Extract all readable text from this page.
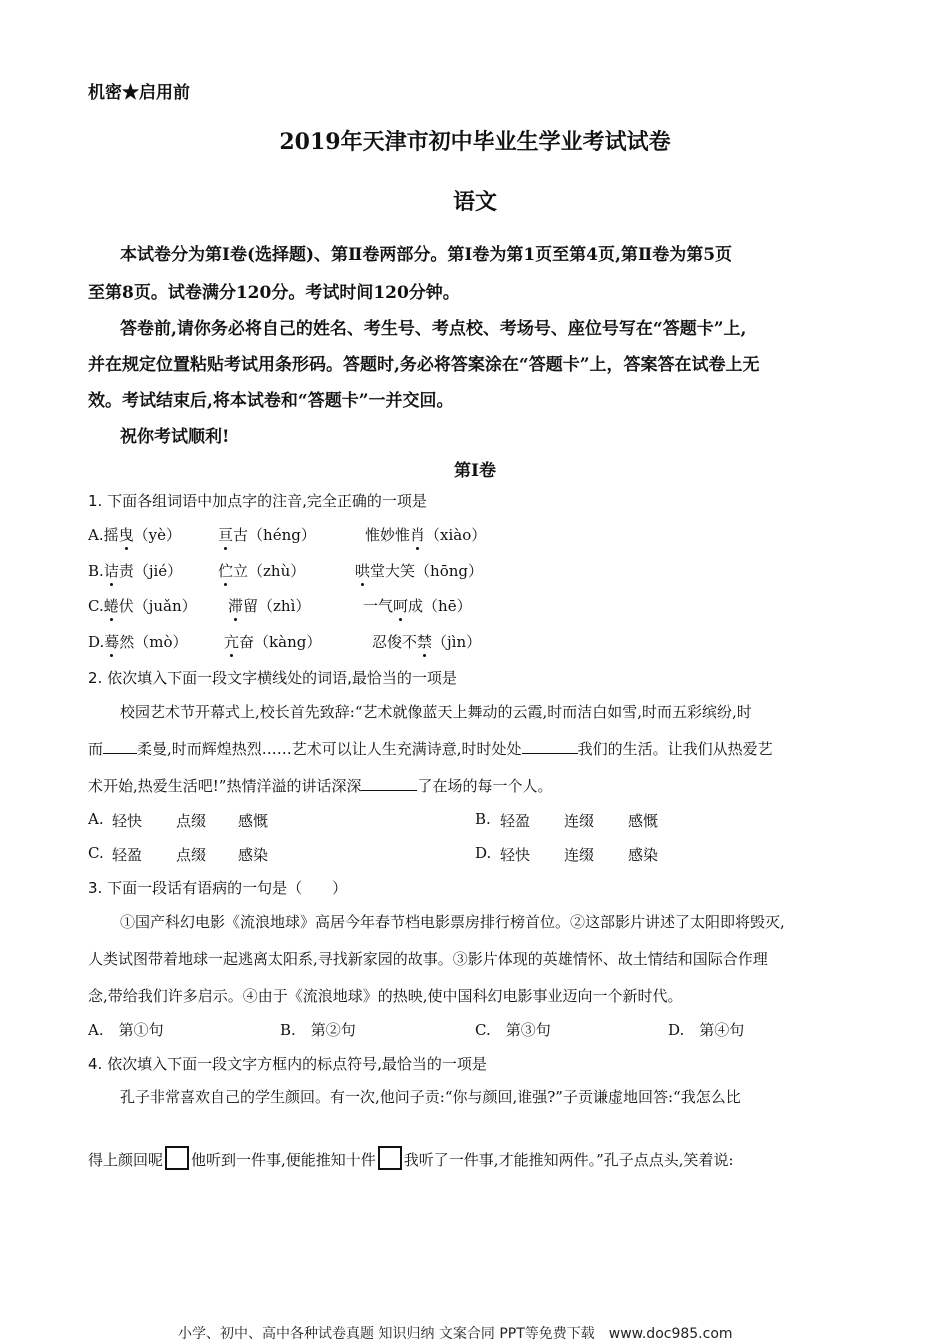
机密★启用前
2019年天津市初中毕业生学业考试试卷
语文
本试卷分为第Ⅰ卷(选择题)、第Ⅱ卷两部分。第Ⅰ卷为第1页至第4页,第Ⅱ卷为第5页
至第8页。试卷满分120分。考试时间120分钟。
答卷前,请你务必将自己的姓名、考生号、考点校、考场号、座位号写在“答题卡”上,
并在规定位置粘贴考试用条形码。答题时,务必将答案涂在“答题卡”上，答案答在试卷上无
效。考试结束后,将本试卷和“答题卡”一并交回。
祝你考试顺利!
第Ⅰ卷
1. 下面各组词语中加点字的注音,完全正确的一项是
A.摇曳（yè） 亘古（héng）	惟妙惟肖（xiào）
B.诘责（jié） 伫立（zhù）	哄堂大笑（hōng）
C.蜷伏（juǎn） 滞留（zhì）	一气呵成（hē）
D.蓦然（mò） 亢奋（kàng）	忍俊不禁（jìn）
2. 依次填入下面一段文字横线处的词语,最恰当的一项是
校园艺术节开幕式上,校长首先致辞:“艺术就像蓝天上舞动的云霞,时而洁白如雪,时而五彩缤纷,时
而 柔曼,时而辉煌热烈……艺术可以让人生充满诗意,时时处处	我们的生活。让我们从热爱艺
术开始,热爱生活吧!”热情洋溢的讲话深深	了在场的每一个人。
A. 轻快 点缀 感慨	B. 轻盈 连缀 感慨
C. 轻盈 点缀 感染	D. 轻快 连缀 感染
3. 下面一段话有语病的一句是（　　）
①国产科幻电影《流浪地球》高居今年春节档电影票房排行榜首位。②这部影片讲述了太阳即将毁灭,
人类试图带着地球一起逃离太阳系,寻找新家园的故事。③影片体现的英雄情怀、故土情结和国际合作理
念,带给我们许多启示。④由于《流浪地球》的热映,使中国科幻电影事业迈向一个新时代。
A.　第①句	B.　第②句	C.　第③句	D.　第④句
4. 依次填入下面一段文字方框内的标点符号,最恰当的一项是
孔子非常喜欢自己的学生颜回。有一次,他问子贡:“你与颜回,谁强?”子贡谦虚地回答:“我怎么比
得上颜回呢 他听到一件事,便能推知十件 我听了一件事,才能推知两件。”孔子点点头,笑着说:
小学、初中、高中各种试卷真题 知识归纳 文案合同 PPT等免费下载　www.doc985.com
